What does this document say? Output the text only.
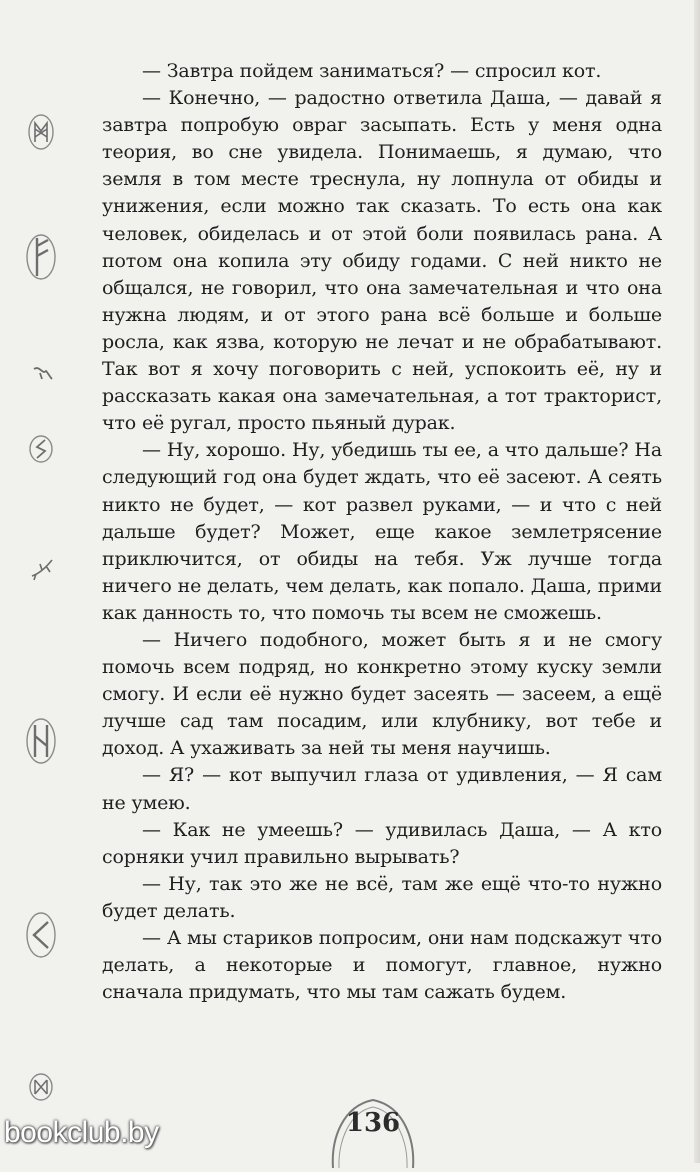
— Завтра пойдем заниматься? — спросил кот.

— Конечно, — радостно ответила Даша, — давай я завтра попробую овраг засыпать. Есть у меня одна теория, во сне увидела. Понимаешь, я думаю, что земля в том месте треснула, ну лопнула от обиды и унижения, если можно так сказать. То есть она как человек, обиделась и от этой боли появилась рана. А потом она копила эту обиду годами. С ней никто не общался, не говорил, что она замечательная и что она нужна людям, и от этого рана всё больше и больше росла, как язва, которую не лечат и не обрабатывают. Так вот я хочу поговорить с ней, успокоить её, ну и рассказать какая она замечательная, а тот тракторист, что её ругал, просто пьяный дурак.

— Ну, хорошо. Ну, убедишь ты ее, а что дальше? На следующий год она будет ждать, что её засеют. А сеять никто не будет, — кот развел руками, — и что с ней дальше будет? Может, еще какое землетрясение приключится, от обиды на тебя. Уж лучше тогда ничего не делать, чем делать, как попало. Даша, прими как данность то, что помочь ты всем не сможешь.

— Ничего подобного, может быть я и не смогу помочь всем подряд, но конкретно этому куску земли смогу. И если её нужно будет засеять — засеем, а ещё лучше сад там посадим, или клубнику, вот тебе и доход. А ухаживать за ней ты меня научишь.

— Я? — кот выпучил глаза от удивления, — Я сам не умею.

— Как не умеешь? — удивилась Даша, — А кто сорняки учил правильно вырывать?

— Ну, так это же не всё, там же ещё что-то нужно будет делать.

— А мы стариков попросим, они нам подскажут что делать, а некоторые и помогут, главное, нужно сначала придумать, что мы там сажать будем.

136
bookclub.by
